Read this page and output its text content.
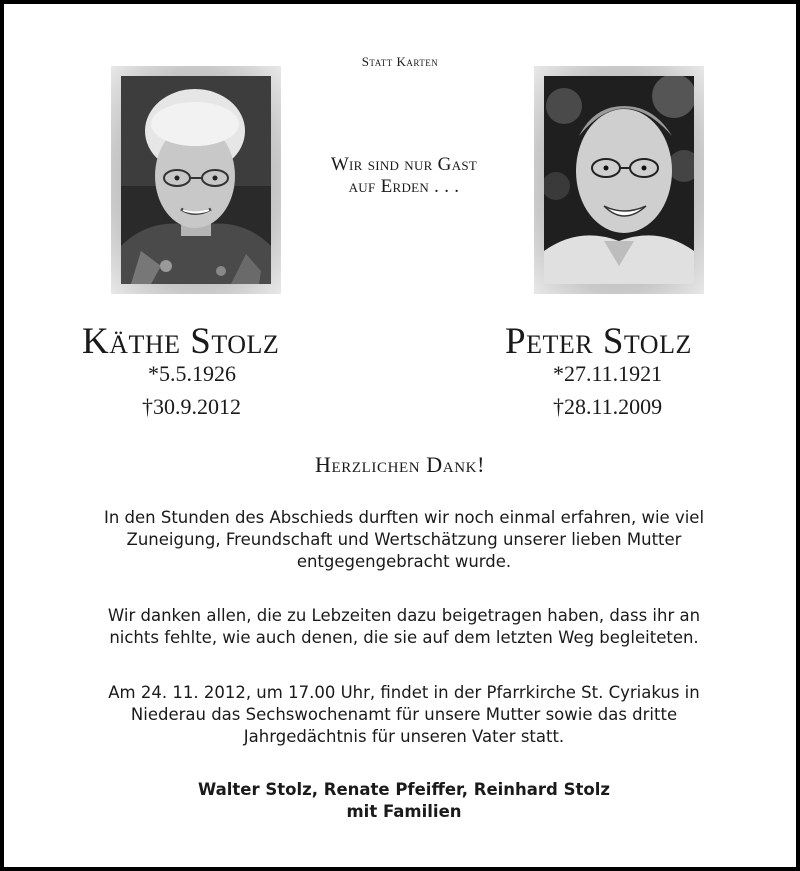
Statt Karten
Wir sind nur Gast
auf Erden . . .
Käthe Stolz
*5.5.1926
†30.9.2012
Peter Stolz
*27.11.1921
†28.11.2009
Herzlichen Dank!
In den Stunden des Abschieds durften wir noch einmal erfahren, wie viel
Zuneigung, Freundschaft und Wertschätzung unserer lieben Mutter
entgegengebracht wurde.
Wir danken allen, die zu Lebzeiten dazu beigetragen haben, dass ihr an
nichts fehlte, wie auch denen, die sie auf dem letzten Weg begleiteten.
Am 24. 11. 2012, um 17.00 Uhr, findet in der Pfarrkirche St. Cyriakus in
Niederau das Sechswochenamt für unsere Mutter sowie das dritte
Jahrgedächtnis für unseren Vater statt.
Walter Stolz, Renate Pfeiffer, Reinhard Stolz
mit Familien
